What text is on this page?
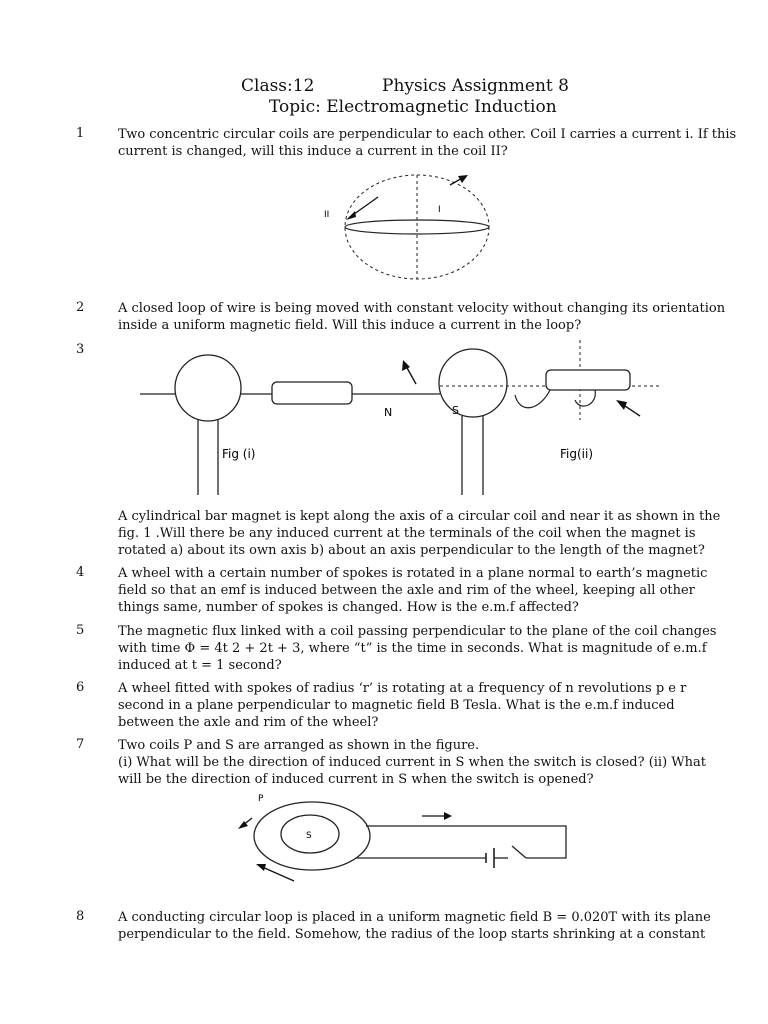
Class:12	Physics Assignment 8
Topic: Electromagnetic Induction
1	Two concentric circular coils are perpendicular to each other. Coil I carries a current i. If this
current is changed, will this induce a current in the coil II?
I
II
2	A closed loop of wire is being moved with constant velocity without changing its orientation
inside a uniform magnetic field. Will this induce a current in the loop?
3
N
Fig (i)
S
Fig(ii)
A cylindrical bar magnet is kept along the axis of a circular coil and near it as shown in the
fig. 1 .Will there be any induced current at the terminals of the coil when the magnet is
rotated a) about its own axis b) about an axis perpendicular to the length of the magnet?
4	A wheel with a certain number of spokes is rotated in a plane normal to earth’s magnetic
field so that an emf is induced between the axle and rim of the wheel, keeping all other
things same, number of spokes is changed. How is the e.m.f affected?
5	The magnetic flux linked with a coil passing perpendicular to the plane of the coil changes
with time Φ = 4t 2 + 2t + 3, where “t” is the time in seconds. What is magnitude of e.m.f
induced at t = 1 second?
6	A wheel fitted with spokes of radius ‘r’ is rotating at a frequency of n revolutions p e r
second in a plane perpendicular to magnetic field B Tesla. What is the e.m.f induced
between the axle and rim of the wheel?
7	Two coils P and S are arranged as shown in the figure.
(i) What will be the direction of induced current in S when the switch is closed? (ii) What
will be the direction of induced current in S when the switch is opened?
P
S
8	A conducting circular loop is placed in a uniform magnetic field B = 0.020T with its plane
perpendicular to the field. Somehow, the radius of the loop starts shrinking at a constant
